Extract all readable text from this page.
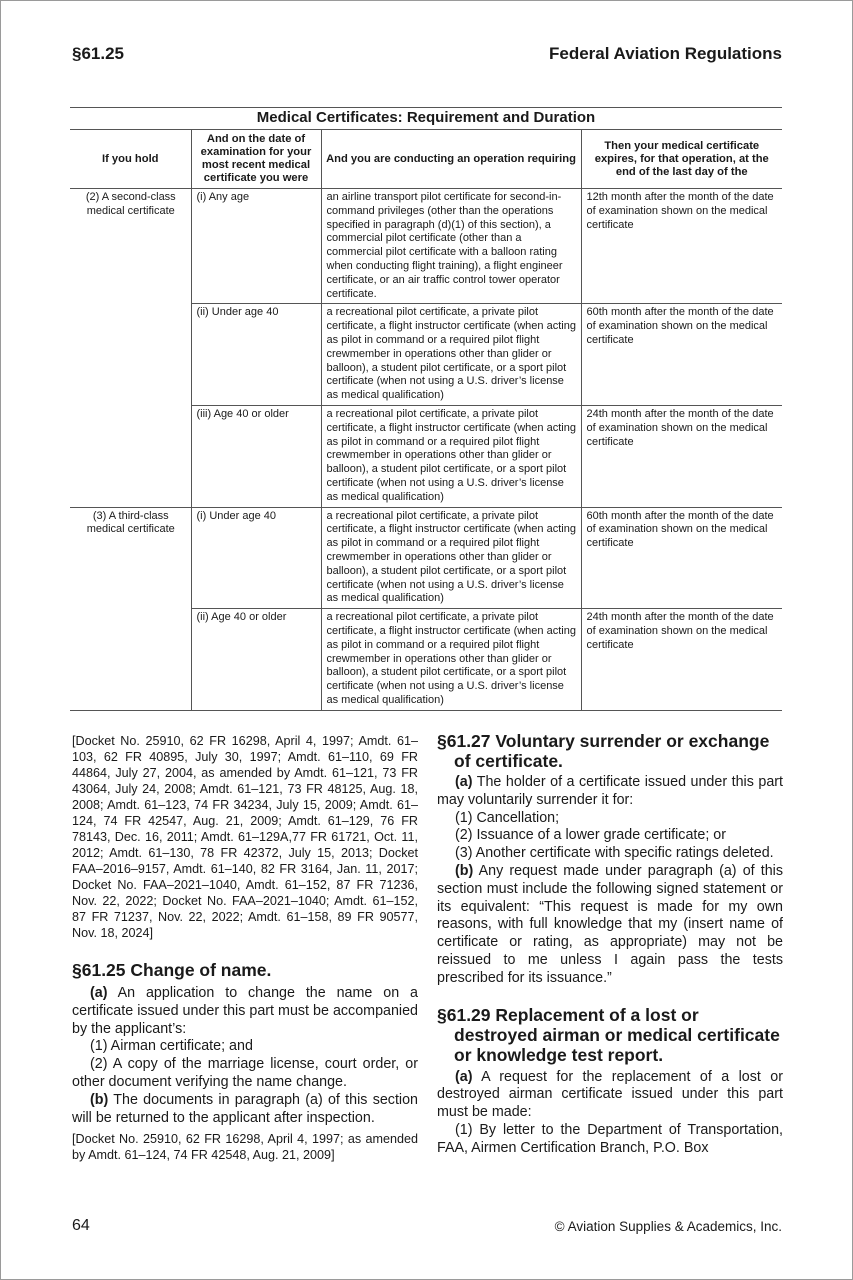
§61.25	Federal Aviation Regulations
Medical Certificates: Requirement and Duration
If you hold	And on the date of examination for your most recent medical certificate you were	And you are conducting an operation requiring	Then your medical certificate expires, for that operation, at the end of the last day of the
(2) A second-class medical certificate	(i) Any age	an airline transport pilot certificate for second-in-command privileges (other than the operations specified in paragraph (d)(1) of this section), a commercial pilot certificate (other than a commercial pilot certificate with a balloon rating when conducting flight training), a flight engineer certificate, or an air traffic control tower operator certificate.	12th month after the month of the date of examination shown on the medical certificate
	(ii) Under age 40	a recreational pilot certificate, a private pilot certificate, a flight instructor certificate (when acting as pilot in command or a required pilot flight crewmember in operations other than glider or balloon), a student pilot certificate, or a sport pilot certificate (when not using a U.S. driver’s license as medical qualification)	60th month after the month of the date of examination shown on the medical certificate
	(iii) Age 40 or older	a recreational pilot certificate, a private pilot certificate, a flight instructor certificate (when acting as pilot in command or a required pilot flight crewmember in operations other than glider or balloon), a student pilot certificate, or a sport pilot certificate (when not using a U.S. driver’s license as medical qualification)	24th month after the month of the date of examination shown on the medical certificate
(3) A third-class medical certificate	(i) Under age 40	a recreational pilot certificate, a private pilot certificate, a flight instructor certificate (when acting as pilot in command or a required pilot flight crewmember in operations other than glider or balloon), a student pilot certificate, or a sport pilot certificate (when not using a U.S. driver’s license as medical qualification)	60th month after the month of the date of examination shown on the medical certificate
	(ii) Age 40 or older	a recreational pilot certificate, a private pilot certificate, a flight instructor certificate (when acting as pilot in command or a required pilot flight crewmember in operations other than glider or balloon), a student pilot certificate, or a sport pilot certificate (when not using a U.S. driver’s license as medical qualification)	24th month after the month of the date of examination shown on the medical certificate

[Docket No. 25910, 62 FR 16298, April 4, 1997; Amdt. 61–103, 62 FR 40895, July 30, 1997; Amdt. 61–110, 69 FR 44864, July 27, 2004, as amended by Amdt. 61–121, 73 FR 43064, July 24, 2008; Amdt. 61–121, 73 FR 48125, Aug. 18, 2008; Amdt. 61–123, 74 FR 34234, July 15, 2009; Amdt. 61–124, 74 FR 42547, Aug. 21, 2009; Amdt. 61–129, 76 FR 78143, Dec. 16, 2011; Amdt. 61–129A,77 FR 61721, Oct. 11, 2012; Amdt. 61–130, 78 FR 42372, July 15, 2013; Docket FAA–2016–9157, Amdt. 61–140, 82 FR 3164, Jan. 11, 2017; Docket No. FAA–2021–1040, Amdt. 61–152, 87 FR 71236, Nov. 22, 2022; Docket No. FAA–2021–1040; Amdt. 61–152, 87 FR 71237, Nov. 22, 2022; Amdt. 61–158, 89 FR 90577, Nov. 18, 2024]

§61.25 Change of name.

(a) An application to change the name on a certificate issued under this part must be accompanied by the applicant’s:

(1) Airman certificate; and

(2) A copy of the marriage license, court order, or other document verifying the name change.

(b) The documents in paragraph (a) of this section will be returned to the applicant after inspection.

[Docket No. 25910, 62 FR 16298, April 4, 1997; as amended by Amdt. 61–124, 74 FR 42548, Aug. 21, 2009]

§61.27 Voluntary surrender or exchange of certificate.

(a) The holder of a certificate issued under this part may voluntarily surrender it for:

(1) Cancellation;

(2) Issuance of a lower grade certificate; or

(3) Another certificate with specific ratings deleted.

(b) Any request made under paragraph (a) of this section must include the following signed statement or its equivalent: “This request is made for my own reasons, with full knowledge that my (insert name of certificate or rating, as appropriate) may not be reissued to me unless I again pass the tests prescribed for its issuance.”

§61.29 Replacement of a lost or destroyed airman or medical certificate or knowledge test report.

(a) A request for the replacement of a lost or destroyed airman certificate issued under this part must be made:

(1) By letter to the Department of Transportation, FAA, Airmen Certification Branch, P.O. Box

64	© Aviation Supplies & Academics, Inc.
